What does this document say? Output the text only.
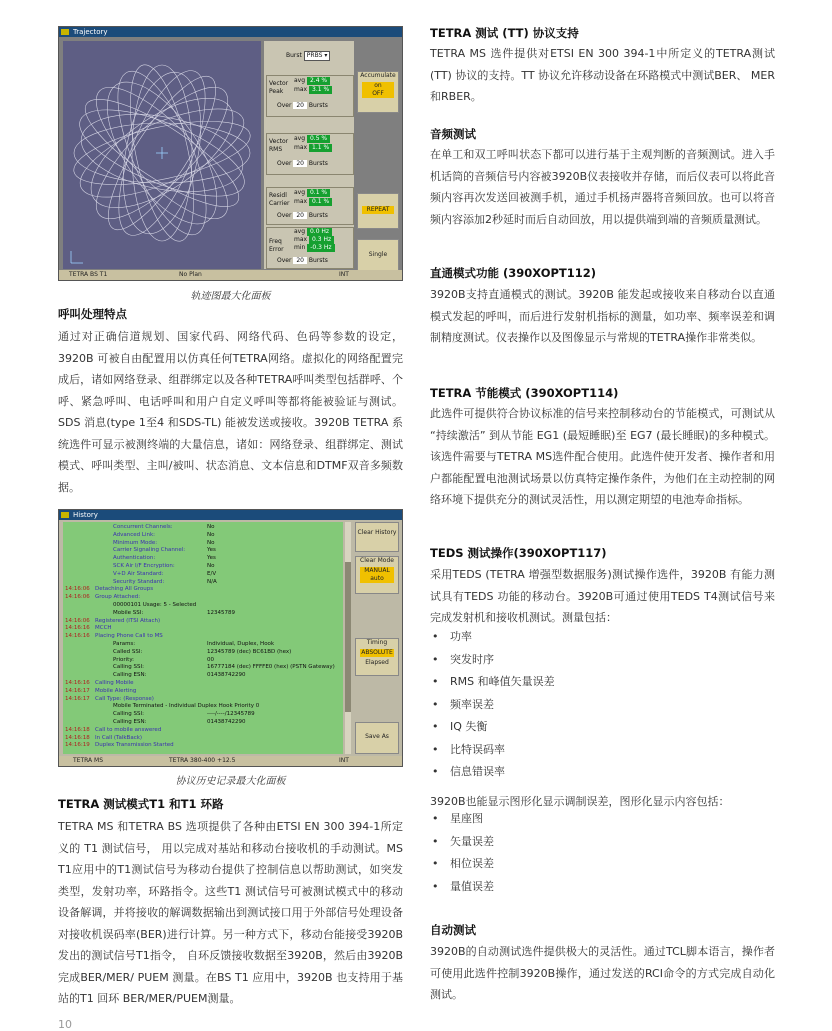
Trajectory
Burst PRBS ▾
Vector
Peak
avg 2.4 %
max 3.1 %
Over 20 Bursts
Vector
RMS
avg 0.5 %
max 1.1 %
Over 20 Bursts
Residl
Carrier
avg 0.1 %
max 0.1 %
Over 20 Bursts
Freq
Error
avg 0.0 Hz
max 0.3 Hz
min -0.3 Hz
Over 20 Bursts
Accumulate
on
OFF
REPEAT
Single
TETRA BS T1	No Plan	INT
轨迹图最大化面板
呼叫处理特点

通过对正确信道规划、国家代码、网络代码、色码等参数的设定，3920B 可被自由配置用以仿真任何TETRA网络。虚拟化的网络配置完成后，诸如网络登录、组群绑定以及各种TETRA呼叫类型包括群呼、个呼、紧急呼叫、电话呼叫和用户自定义呼叫等都将能被验证与测试。SDS 消息(type 1至4 和SDS-TL) 能被发送或接收。3920B TETRA 系统选件可显示被测终端的大量信息，诸如：网络登录、组群绑定、测试模式、呼叫类型、主叫/被叫、状态消息、文本信息和DTMF双音多频数据。

History
Concurrent Channels:	No
Advanced Link:	No
Minimum Mode:	No
Carrier Signaling Channel:	Yes
Authentication:	Yes
SCK Air I/F Encryption:	No
V+D Air Standard:	E/V
Security Standard:	N/A
14:16:06 Detaching All Groups
14:16:06 Group Attached:
00000101 Usage: 5 - Selected
Mobile SSI:	12345789
14:16:06 Registered (ITSI Attach)
14:16:16 MCCH
14:16:16 Placing Phone Call to MS
Params:	Individual, Duplex, Hook
Called SSI:	12345789 (dec) BC61BD (hex)
Priority:	00
Calling SSI:	16777184 (dec) FFFFE0 (hex) (PSTN Gateway)
Calling ESN:	01438742290
14:16:16 Calling Mobile
14:16:17 Mobile Alerting
14:16:17 Call Type: (Response)
Mobile Terminated - Individual Duplex Hook Priority 0
Calling SSI:	----/----/12345789
Calling ESN:	01438742290
14:16:18 Call to mobile answered
14:16:18 In Call (TalkBack)
14:16:19 Duplex Transmission Started
Clear History
Clear Mode
MANUAL
auto
Timing
ABSOLUTE
Elapsed
Save As
TETRA MS	TETRA 380-400 +12.5	INT
协议历史记录最大化面板
TETRA 测试模式T1 和T1 环路

TETRA MS 和TETRA BS 选项提供了各种由ETSI EN 300 394-1所定义的 T1 测试信号， 用以完成对基站和移动台接收机的手动测试。MS T1应用中的T1测试信号为移动台提供了控制信息以帮助测试，如突发类型，发射功率，环路指令。这些T1 测试信号可被测试模式中的移动设备解调，并将接收的解调数据输出到测试接口用于外部信号处理设备对接收机误码率(BER)进行计算。另一种方式下，移动台能接受3920B发出的测试信号T1指令， 自环反馈接收数据至3920B，然后由3920B完成BER/MER/ PUEM 测量。在BS T1 应用中，3920B 也支持用于基站的T1 回环 BER/MER/PUEM测量。

10
TETRA 测试 (TT) 协议支持

TETRA MS 选件提供对ETSI EN 300 394-1中所定义的TETRA测试(TT) 协议的支持。TT 协议允许移动设备在环路模式中测试BER、 MER 和RBER。

音频测试

在单工和双工呼叫状态下都可以进行基于主观判断的音频测试。进入手机话筒的音频信号内容被3920B仪表接收并存储，而后仪表可以将此音频内容再次发送回被测手机，通过手机扬声器将音频回放。也可以将音频内容添加2秒延时而后自动回放，用以提供端到端的音频质量测试。

直通模式功能 (390XOPT112)

3920B支持直通模式的测试。3920B 能发起或接收来自移动台以直通模式发起的呼叫，而后进行发射机指标的测量，如功率、频率误差和调制精度测试。仪表操作以及图像显示与常规的TETRA操作非常类似。

TETRA 节能模式 (390XOPT114)

此选件可提供符合协议标准的信号来控制移动台的节能模式，可测试从 “持续激活” 到从节能 EG1 (最短睡眠)至 EG7 (最长睡眠)的多种模式。该选件需要与TETRA MS选件配合使用。此选件使开发者、操作者和用户都能配置电池测试场景以仿真特定操作条件，为他们在主动控制的网络环境下提供充分的测试灵活性，用以测定期望的电池寿命指标。

TEDS 测试操作(390XOPT117)

采用TEDS (TETRA 增强型数据服务)测试操作选件，3920B 有能力测试具有TEDS 功能的移动台。3920B可通过使用TEDS T4测试信号来完成发射机和接收机测试。测量包括：

• 功率
• 突发时序
• RMS 和峰值矢量误差
• 频率误差
• IQ 失衡
• 比特误码率
• 信息错误率

3920B也能显示图形化显示调制误差，图形化显示内容包括：

• 星座图
• 矢量误差
• 相位误差
• 量值误差
自动测试

3920B的自动测试选件提供极大的灵活性。通过TCL脚本语言，操作者可使用此选件控制3920B操作，通过发送的RCI命令的方式完成自动化测试。
